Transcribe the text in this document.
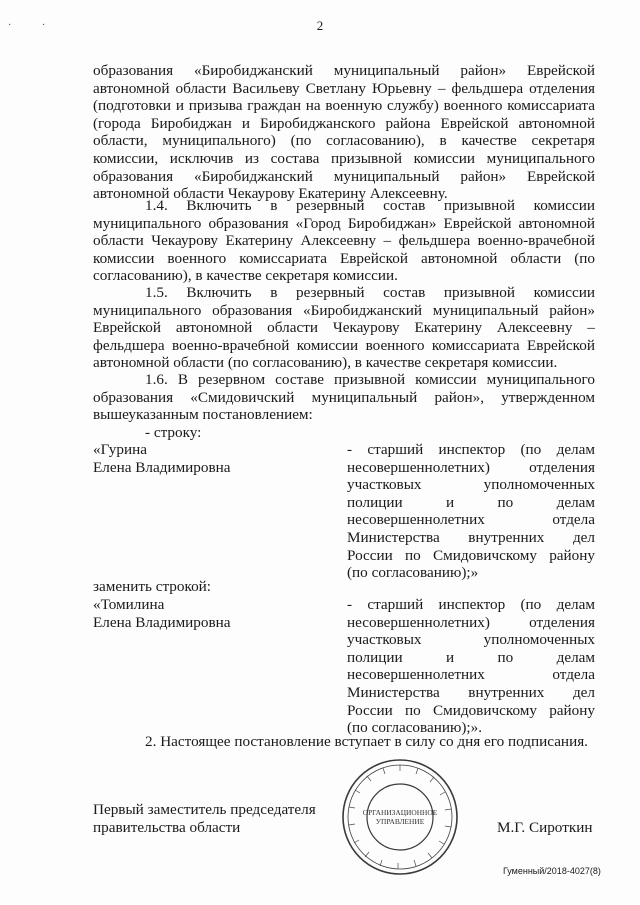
· ·	2

образования «Биробиджанский муниципальный район» Еврейской автономной области Васильеву Светлану Юрьевну – фельдшера отделения (подготовки и призыва граждан на военную службу) военного комиссариата (города Биробиджан и Биробиджанского района Еврейской автономной области, муниципального) (по согласованию), в качестве секретаря комиссии, исключив из состава призывной комиссии муниципального образования «Биробиджанский муниципальный район» Еврейской автономной области Чекаурову Екатерину Алексеевну.

1.4. Включить в резервный состав призывной комиссии муниципального образования «Город Биробиджан» Еврейской автономной области Чекаурову Екатерину Алексеевну – фельдшера военно-врачебной комиссии военного комиссариата Еврейской автономной области (по согласованию), в качестве секретаря комиссии.

1.5. Включить в резервный состав призывной комиссии муниципального образования «Биробиджанский муниципальный район» Еврейской автономной области Чекаурову Екатерину Алексеевну – фельдшера военно-врачебной комиссии военного комиссариата Еврейской автономной области (по согласованию), в качестве секретаря комиссии.

1.6. В резервном составе призывной комиссии муниципального образования «Смидовичский муниципальный район», утвержденном вышеуказанным постановлением:

- строку:

«Гурина
Елена Владимировна
- старший инспектор (по делам
несовершеннолетних) отделения
участковых уполномоченных
полиции и по делам
несовершеннолетних отдела
Министерства внутренних дел
России по Смидовичскому району
(по согласованию);»

заменить строкой:

«Томилина
Елена Владимировна
- старший инспектор (по делам
несовершеннолетних) отделения
участковых уполномоченных
полиции и по делам
несовершеннолетних отдела
Министерства внутренних дел
России по Смидовичскому району
(по согласованию);».

2. Настоящее постановление вступает в силу со дня его подписания.

Первый заместитель председателя
правительства области
ОРГАНИЗАЦИОННОЕ
УПРАВЛЕНИЕ	М.Г. Сироткин
Гуменный/2018-4027(8)
